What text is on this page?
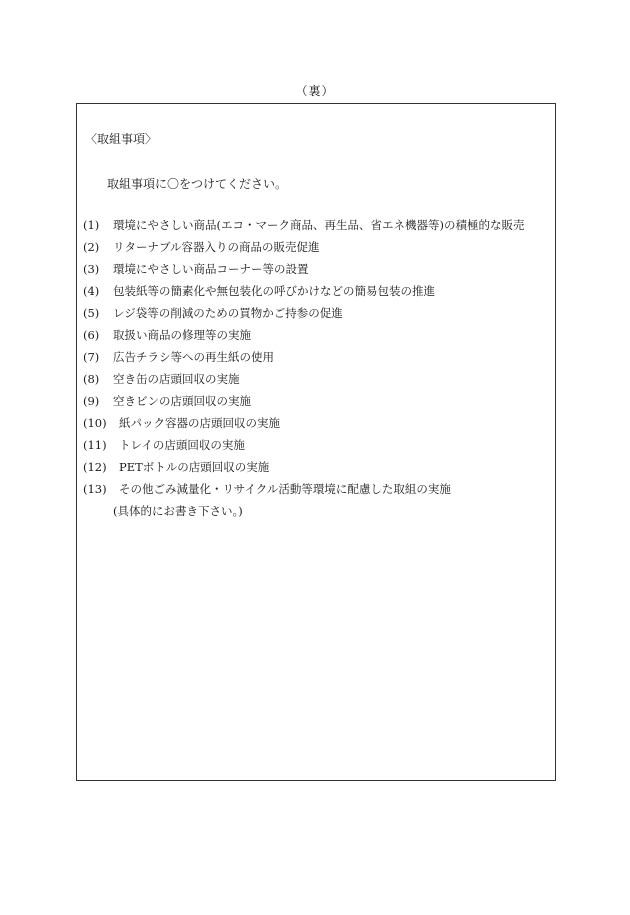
（裏）
〈取組事項〉
取組事項に〇をつけてください。
(1)	環境にやさしい商品(エコ・マーク商品、再生品、省エネ機器等)の積極的な販売
(2)	リターナブル容器入りの商品の販売促進
(3)	環境にやさしい商品コーナー等の設置
(4)	包装紙等の簡素化や無包装化の呼びかけなどの簡易包装の推進
(5)	レジ袋等の削減のための買物かご持参の促進
(6)	取扱い商品の修理等の実施
(7)	広告チラシ等への再生紙の使用
(8)	空き缶の店頭回収の実施
(9)	空きビンの店頭回収の実施
(10)	紙パック容器の店頭回収の実施
(11)	トレイの店頭回収の実施
(12)	PETボトルの店頭回収の実施
(13)	その他ごみ減量化・リサイクル活動等環境に配慮した取組の実施
(具体的にお書き下さい。)
